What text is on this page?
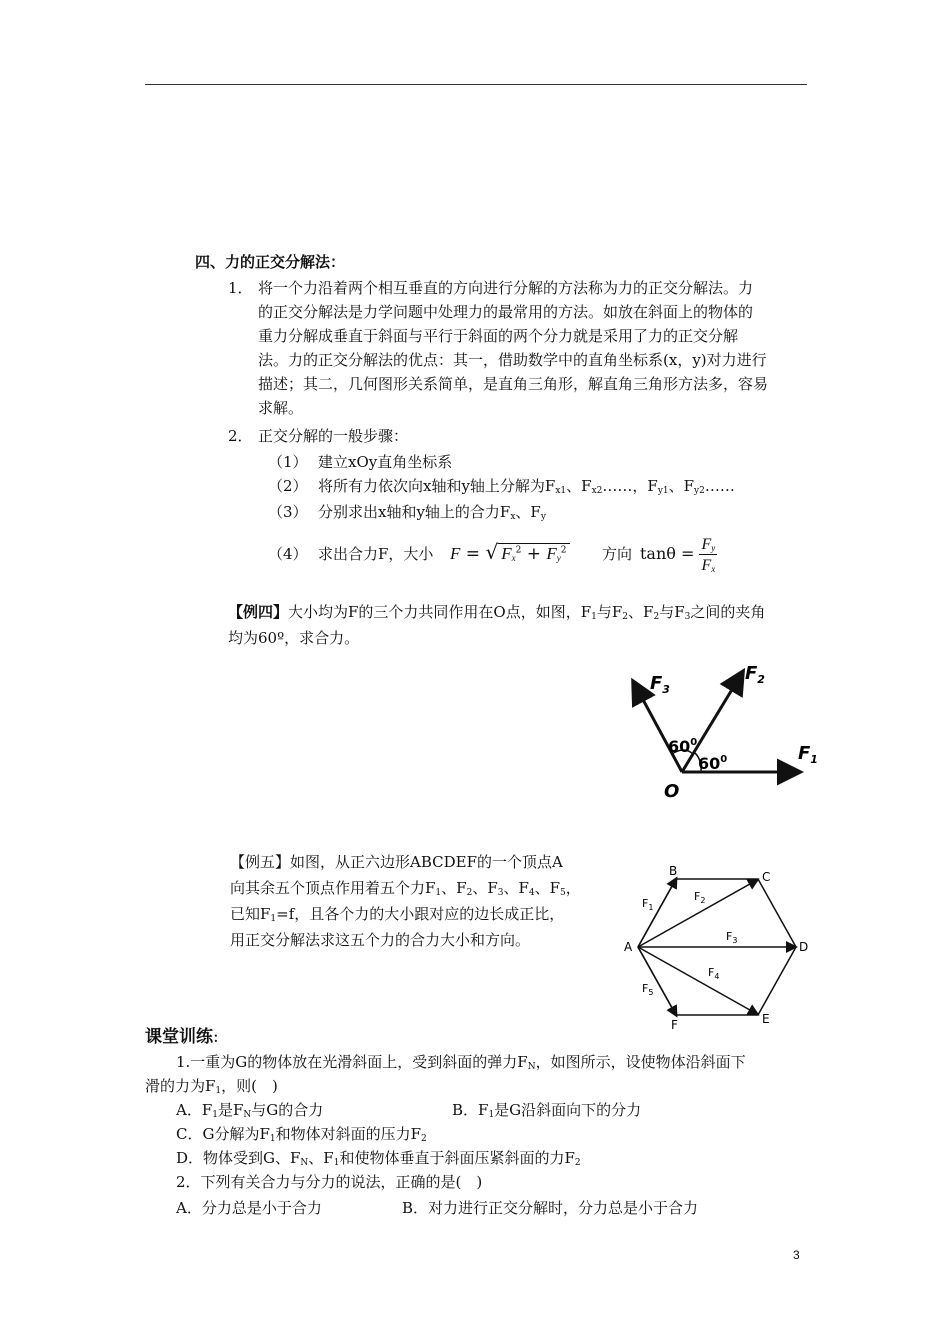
四、力的正交分解法：
1． 将一个力沿着两个相互垂直的方向进行分解的方法称为力的正交分解法。力
的正交分解法是力学问题中处理力的最常用的方法。如放在斜面上的物体的
重力分解成垂直于斜面与平行于斜面的两个分力就是采用了力的正交分解
法。力的正交分解法的优点：其一，借助数学中的直角坐标系(x，y)对力进行
描述；其二，几何图形关系简单，是直角三角形，解直角三角形方法多，容易
求解。
2． 正交分解的一般步骤：
（1） 建立xOy直角坐标系
（2） 将所有力依次向x轴和y轴上分解为$F_{x1}$、$F_{x2}\dots\dots$，$F_{y1}$、$F_{y2}\dots\dots$
（3） 分别求出x轴和y轴上的合力$F_x$、$F_y$
（4） 求出合力F，大小 F = √ $F_x^2 + F_y^2$ 方向 $\tan\theta = \frac{F_y}{F_x}$
【例四】大小均为F的三个力共同作用在O点，如图，$F_1$与$F_2$、$F_2$与$F_3$之间的夹角
均为60º，求合力。
$F_3$
$F_2$
$F_1$
$60^0$
$60^0$
O
【例五】如图，从正六边形ABCDEF的一个顶点A
向其余五个顶点作用着五个力$F_1$、$F_2$、$F_3$、$F_4$、$F_5$，
已知$F_1=f$，且各个力的大小跟对应的边长成正比，
用正交分解法求这五个力的合力大小和方向。	A
B	C
D
E
F
$F_1$
$F_2$
$F_3$
$F_4$
$F_5$
课堂训练:
1.一重为G的物体放在光滑斜面上，受到斜面的弹力$F_N$，如图所示，设使物体沿斜面下
滑的力为$F_1$，则(　)
A．$F_1$是$F_N$与G的合力	B．$F_1$是G沿斜面向下的分力
C．G分解为$F_1$和物体对斜面的压力$F_2$
D．物体受到G、$F_N$、$F_1$和使物体垂直于斜面压紧斜面的力$F_2$
2．下列有关合力与分力的说法，正确的是(　)
A．分力总是小于合力	B．对力进行正交分解时，分力总是小于合力
3
